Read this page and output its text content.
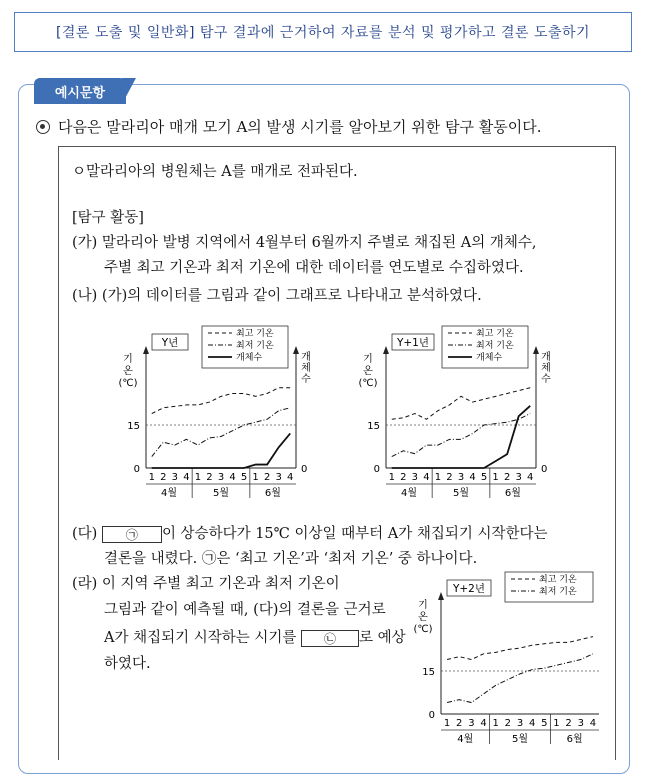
[결론 도출 및 일반화] 탐구 결과에 근거하여 자료를 분석 및 평가하고 결론 도출하기
예시문항
다음은 말라리아 매개 모기 A의 발생 시기를 알아보기 위한 탐구 활동이다.
ㅇ말라리아의 병원체는 A를 매개로 전파된다.
[탐구 활동]
(가) 말라리아 발병 지역에서 4월부터 6월까지 주별로 채집된 A의 개체수,
주별 최고 기온과 최저 기온에 대한 데이터를 연도별로 수집하였다.
(나) (가)의 데이터를 그림과 같이 그래프로 나타내고 분석하였다.
15
0	0
기
온
(℃)
개
체
수
1 2 3 4 1 2 3 4 5 1 2 3 4
4월	5월	6월
Y년
최고 기온
최저 기온
개체수
15
0	0
기
온
(℃)
개
체
수
1 2 3 4 1 2 3 4 5 1 2 3 4
4월	5월	6월
Y+1년
최고 기온
최저 기온
개체수
15
0
기
온
(℃)
1 2 3 4 1 2 3 4 5 1 2 3 4
4월	5월	6월
Y+2년
최고 기온
최저 기온
(다) ㉠ 이 상승하다가 15℃ 이상일 때부터 A가 채집되기 시작한다는
결론을 내렸다. ㉠은 ‘최고 기온’과 ‘최저 기온’ 중 하나이다.
(라) 이 지역 주별 최고 기온과 최저 기온이
그림과 같이 예측될 때, (다)의 결론을 근거로
A가 채집되기 시작하는 시기를 ㉡ 로 예상
하였다.
